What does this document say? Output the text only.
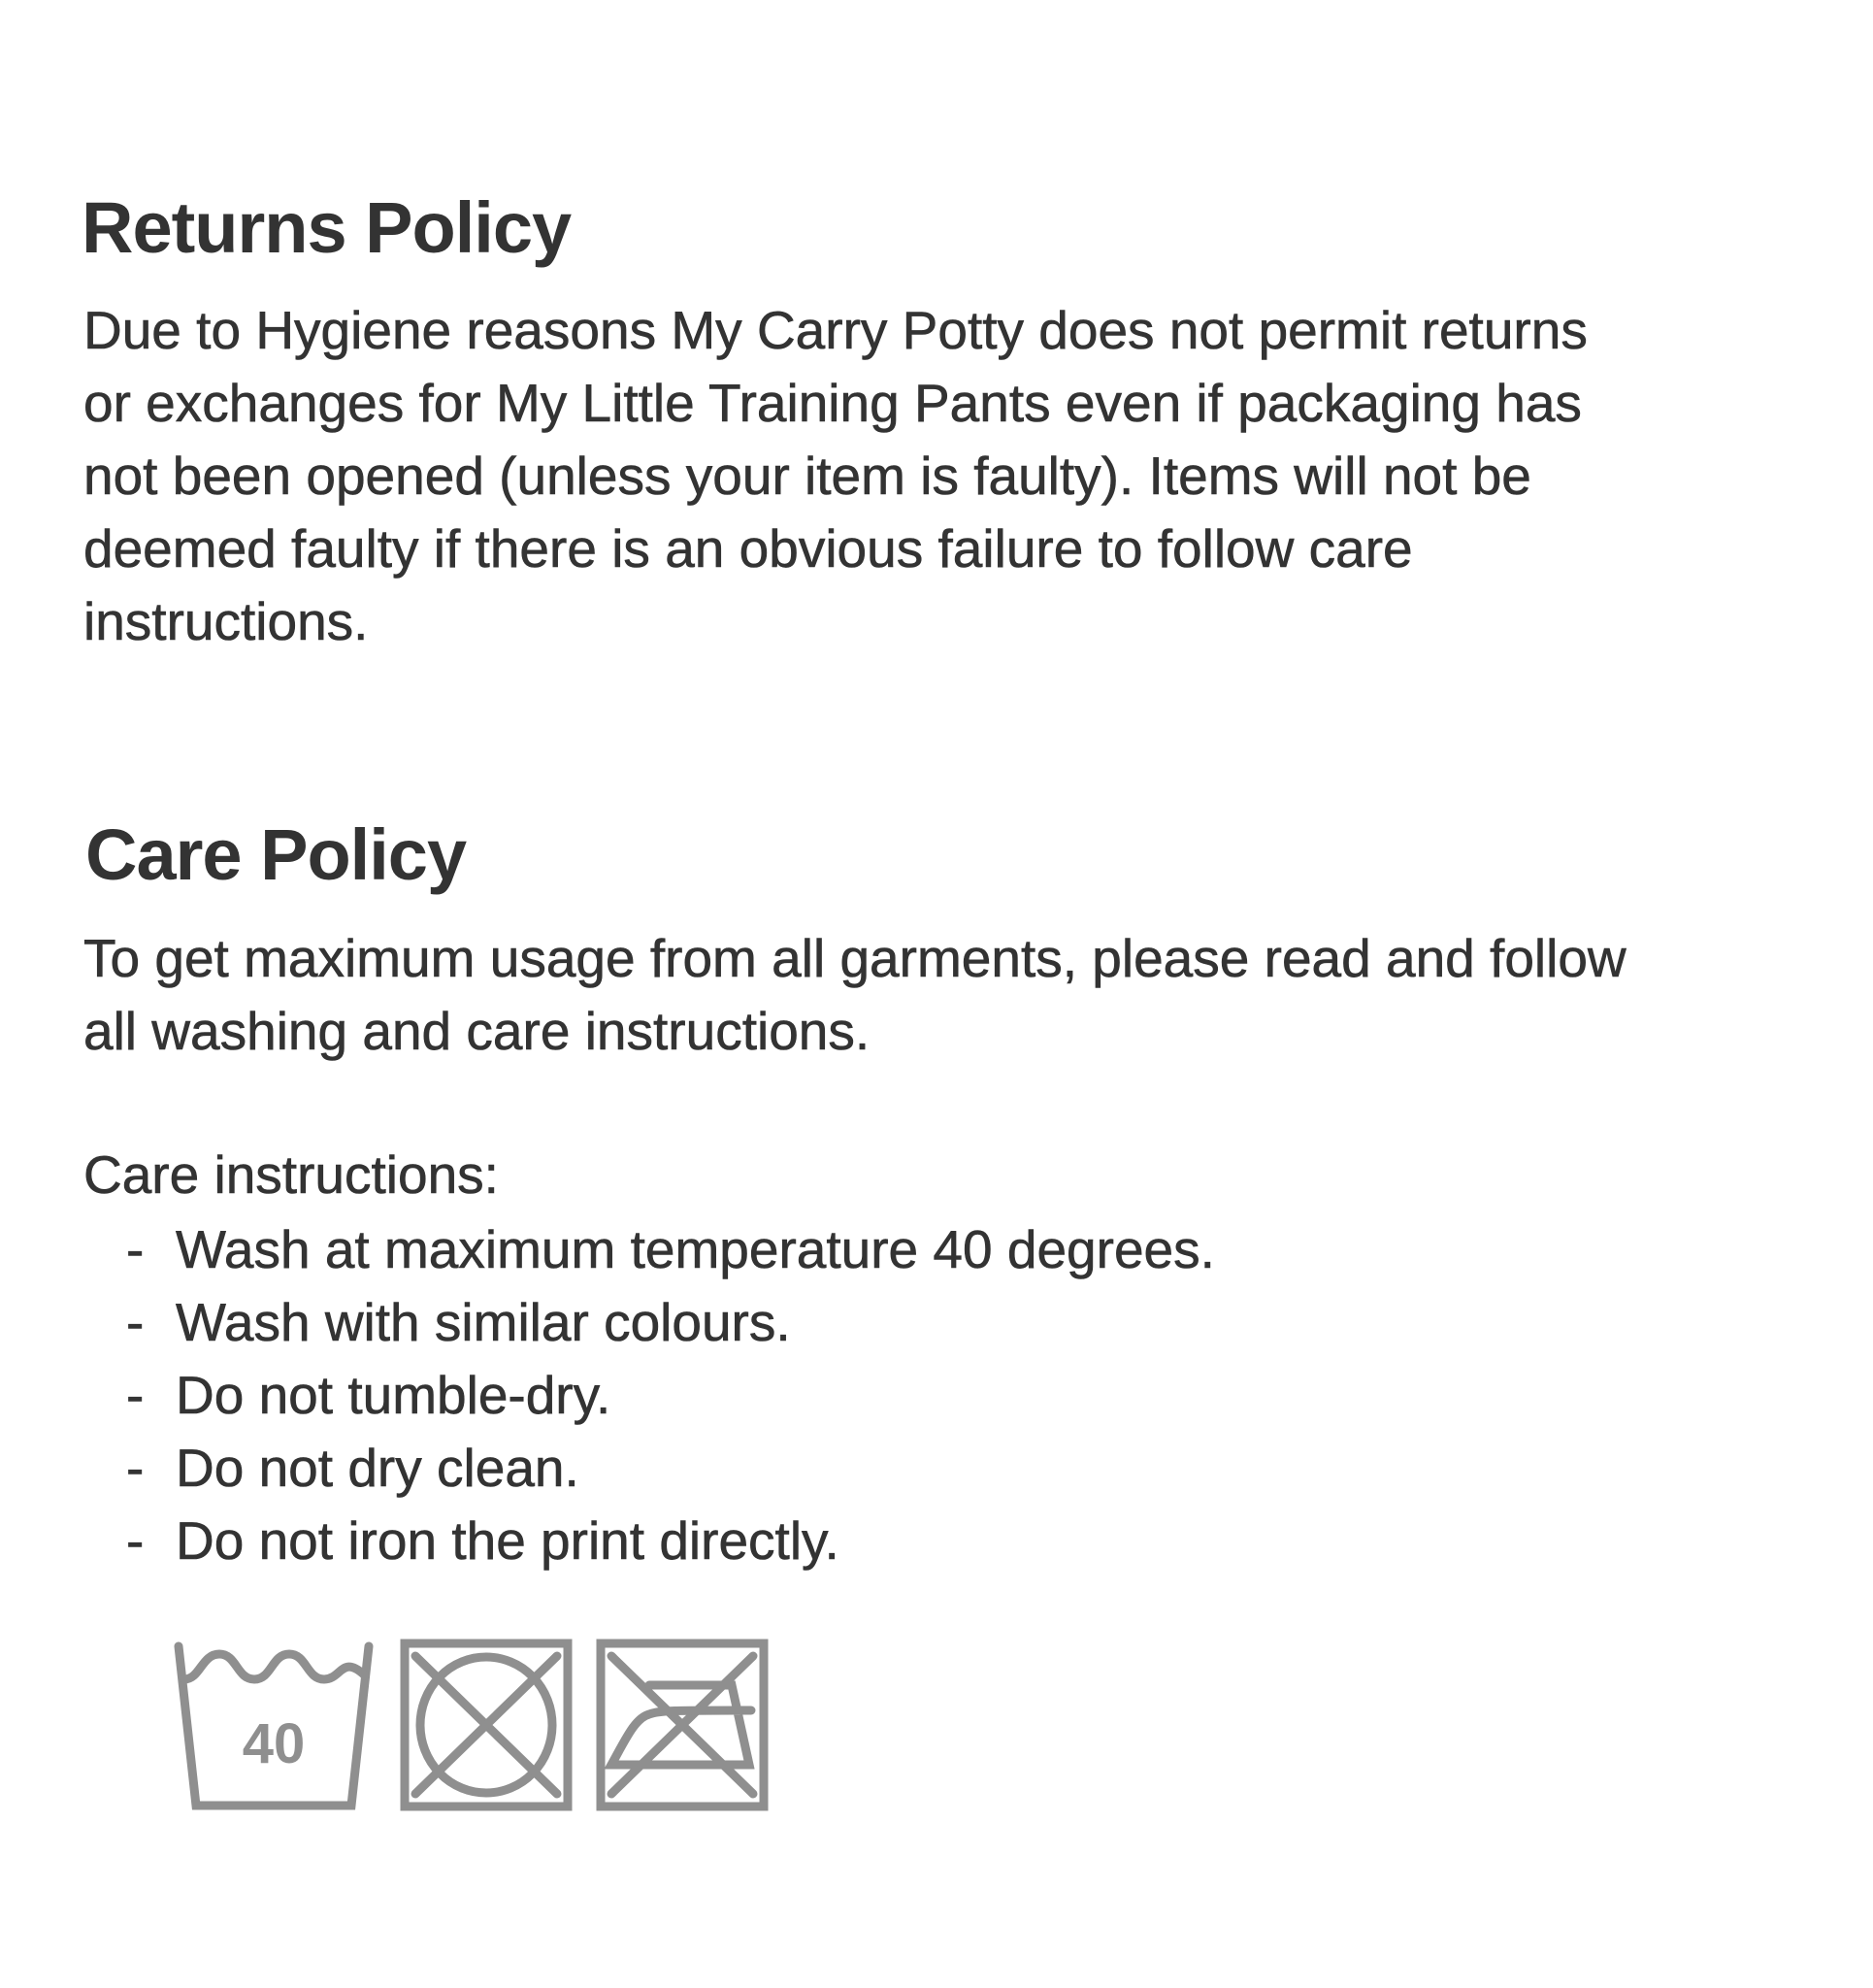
Returns Policy
Due to Hygiene reasons My Carry Potty does not permit returns
or exchanges for My Little Training Pants even if packaging has
not been opened (unless your item is faulty). Items will not be
deemed faulty if there is an obvious failure to follow care
instructions.
Care Policy
To get maximum usage from all garments, please read and follow
all washing and care instructions.
Care instructions:
- Wash at maximum temperature 40 degrees.
- Wash with similar colours.
- Do not tumble-dry.
- Do not dry clean.
- Do not iron the print directly.
40
